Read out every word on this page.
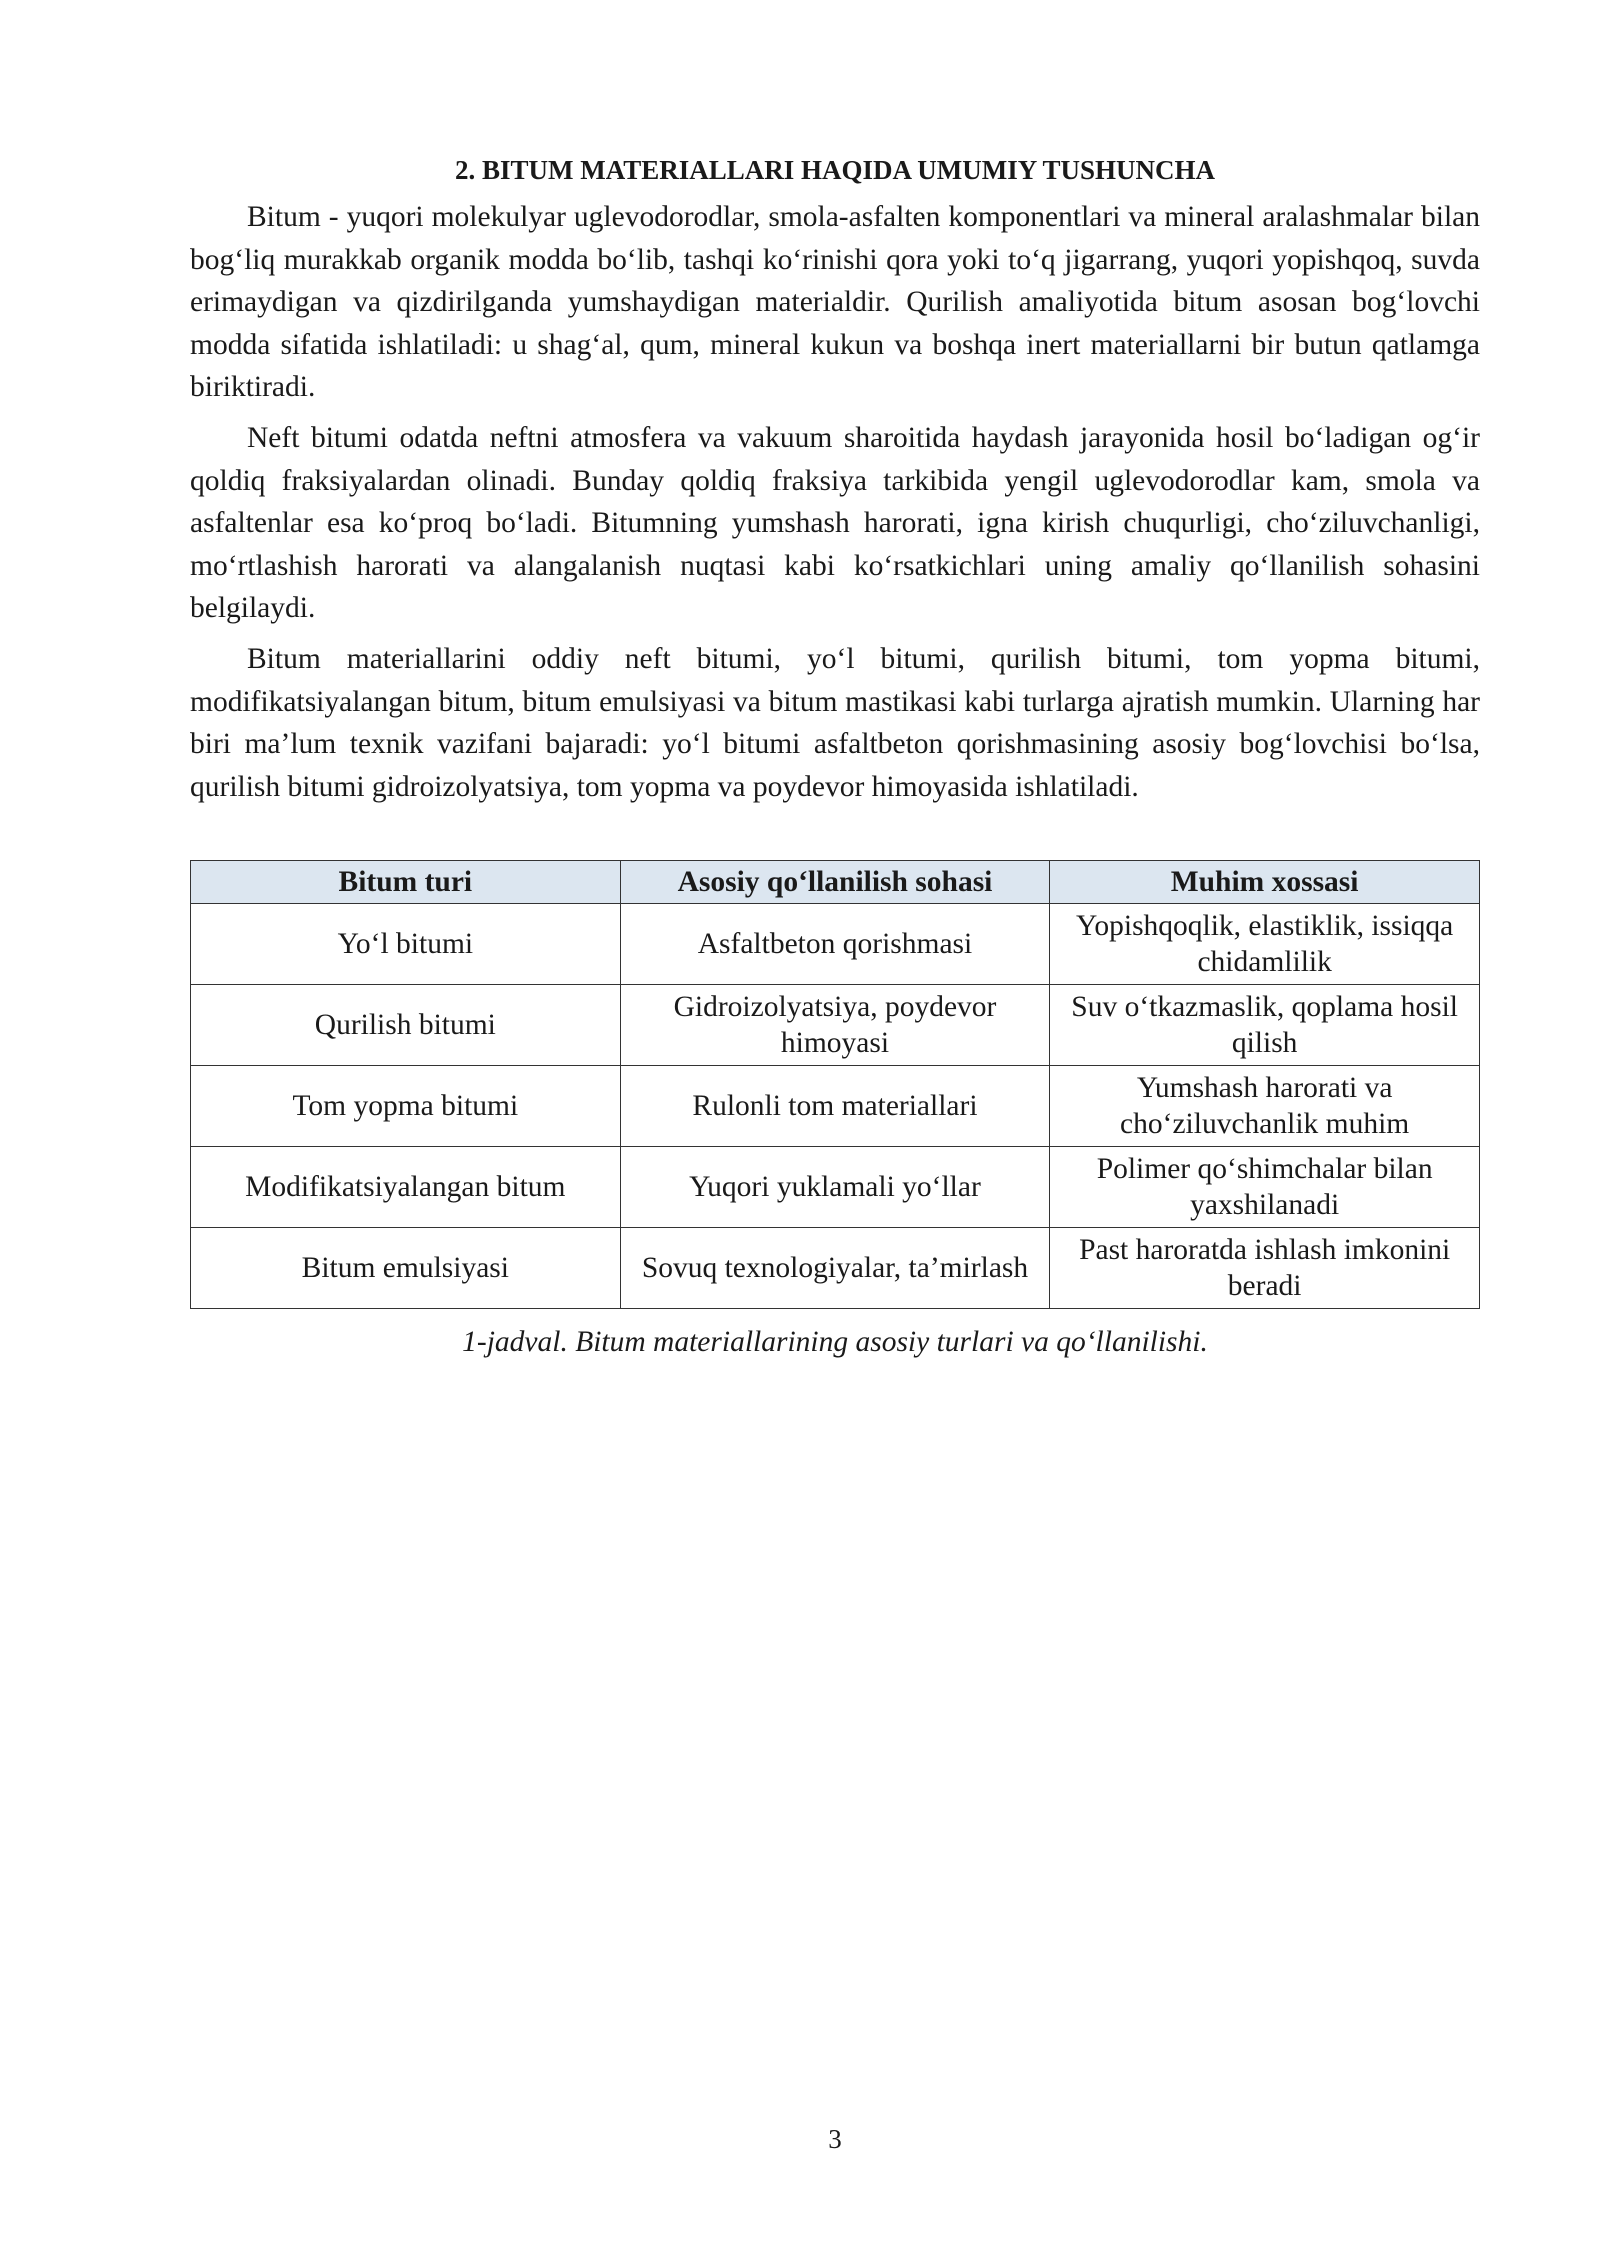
2. BITUM MATERIALLARI HAQIDA UMUMIY TUSHUNCHA

Bitum - yuqori molekulyar uglevodorodlar, smola-asfalten komponentlari va mineral aralashmalar bilan bog‘liq murakkab organik modda bo‘lib, tashqi ko‘rinishi qora yoki to‘q jigarrang, yuqori yopishqoq, suvda erimaydigan va qizdirilganda yumshaydigan materialdir. Qurilish amaliyotida bitum asosan bog‘lovchi modda sifatida ishlatiladi: u shag‘al, qum, mineral kukun va boshqa inert materiallarni bir butun qatlamga biriktiradi.

Neft bitumi odatda neftni atmosfera va vakuum sharoitida haydash jarayonida hosil bo‘ladigan og‘ir qoldiq fraksiyalardan olinadi. Bunday qoldiq fraksiya tarkibida yengil uglevodorodlar kam, smola va asfaltenlar esa ko‘proq bo‘ladi. Bitumning yumshash harorati, igna kirish chuqurligi, cho‘ziluvchanligi, mo‘rtlashish harorati va alangalanish nuqtasi kabi ko‘rsatkichlari uning amaliy qo‘llanilish sohasini belgilaydi.

Bitum materiallarini oddiy neft bitumi, yo‘l bitumi, qurilish bitumi, tom yopma bitumi, modifikatsiyalangan bitum, bitum emulsiyasi va bitum mastikasi kabi turlarga ajratish mumkin. Ularning har biri ma’lum texnik vazifani bajaradi: yo‘l bitumi asfaltbeton qorishmasining asosiy bog‘lovchisi bo‘lsa, qurilish bitumi gidroizolyatsiya, tom yopma va poydevor himoyasida ishlatiladi.

Bitum turi	Asosiy qo‘llanilish sohasi	Muhim xossasi
Yo‘l bitumi	Asfaltbeton qorishmasi	Yopishqoqlik, elastiklik, issiqqa chidamlilik
Qurilish bitumi	Gidroizolyatsiya, poydevor himoyasi	Suv o‘tkazmaslik, qoplama hosil qilish
Tom yopma bitumi	Rulonli tom materiallari	Yumshash harorati va cho‘ziluvchanlik muhim
Modifikatsiyalangan bitum	Yuqori yuklamali yo‘llar	Polimer qo‘shimchalar bilan yaxshilanadi
Bitum emulsiyasi	Sovuq texnologiyalar, ta’mirlash	Past haroratda ishlash imkonini beradi
1-jadval. Bitum materiallarining asosiy turlari va qo‘llanilishi.
3
